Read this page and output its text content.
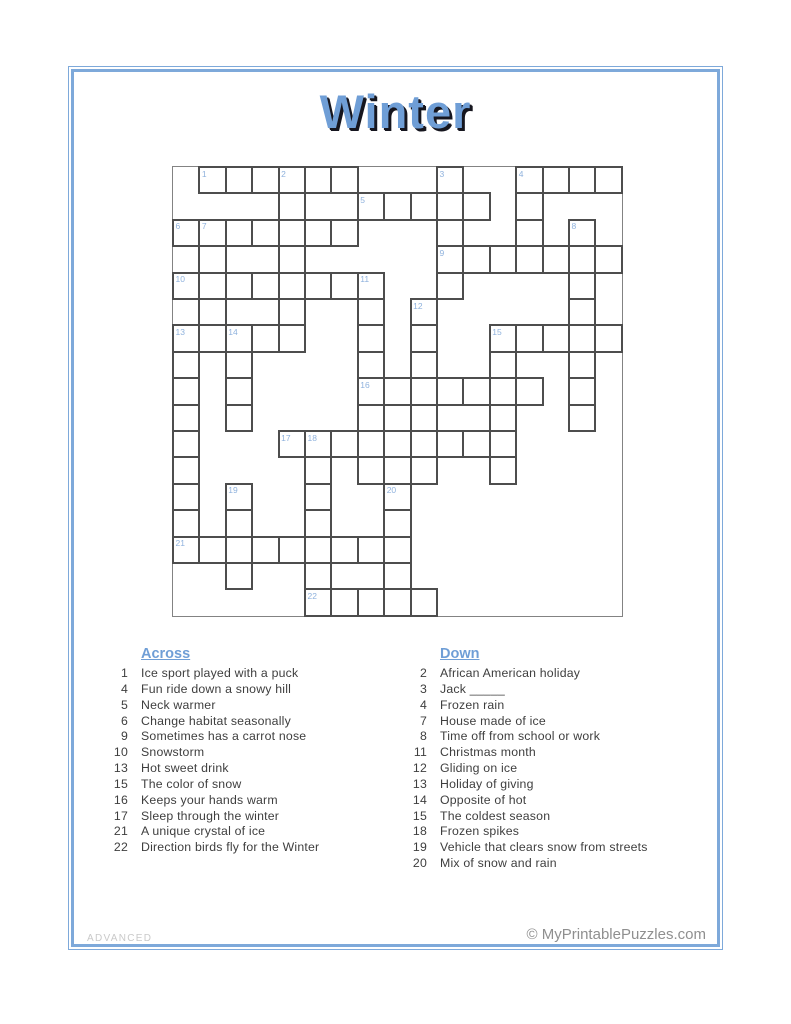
Winter
1	2	3	4
5
6	7	8
9
10	11
12
13	14	15
16
17 18
19	20
21
22
Across
1	Ice sport played with a puck
4	Fun ride down a snowy hill
5	Neck warmer
6	Change habitat seasonally
9	Sometimes has a carrot nose
10	Snowstorm
13	Hot sweet drink
15	The color of snow
16	Keeps your hands warm
17	Sleep through the winter
21	A unique crystal of ice
22	Direction birds fly for the Winter
Down
2	African American holiday
3	Jack _____
4	Frozen rain
7	House made of ice
8	Time off from school or work
11	Christmas month
12	Gliding on ice
13	Holiday of giving
14	Opposite of hot
15	The coldest season
18	Frozen spikes
19	Vehicle that clears snow from streets
20	Mix of snow and rain
ADVANCED	© MyPrintablePuzzles.com
